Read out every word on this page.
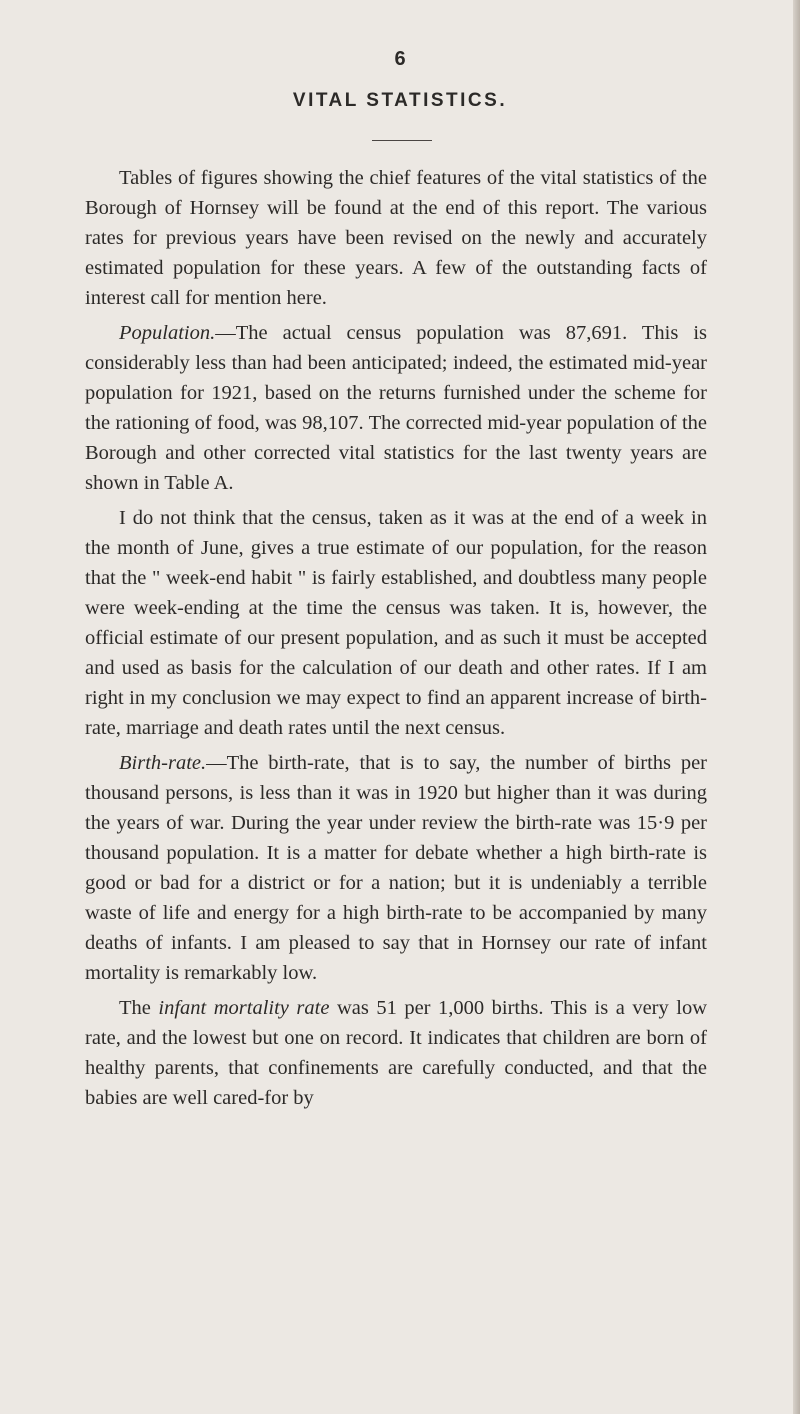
6
VITAL STATISTICS.

Tables of figures showing the chief features of the vital statistics of the Borough of Hornsey will be found at the end of this report. The various rates for previous years have been revised on the newly and accurately estimated population for these years. A few of the outstanding facts of interest call for mention here.

Population.—The actual census population was 87,691. This is considerably less than had been anticipated; indeed, the estimated mid-year population for 1921, based on the returns furnished under the scheme for the rationing of food, was 98,107. The corrected mid-year population of the Borough and other corrected vital statistics for the last twenty years are shown in Table A.

I do not think that the census, taken as it was at the end of a week in the month of June, gives a true estimate of our population, for the reason that the " week-end habit " is fairly established, and doubtless many people were week-ending at the time the census was taken. It is, however, the official estimate of our present population, and as such it must be accepted and used as basis for the calculation of our death and other rates. If I am right in my conclusion we may expect to find an apparent increase of birth-rate, marriage and death rates until the next census.

Birth-rate.—The birth-rate, that is to say, the number of births per thousand persons, is less than it was in 1920 but higher than it was during the years of war. During the year under review the birth-rate was 15·9 per thousand population. It is a matter for debate whether a high birth-rate is good or bad for a district or for a nation; but it is undeniably a terrible waste of life and energy for a high birth-rate to be accompanied by many deaths of infants. I am pleased to say that in Hornsey our rate of infant mortality is remarkably low.

The infant mortality rate was 51 per 1,000 births. This is a very low rate, and the lowest but one on record. It indicates that children are born of healthy parents, that confinements are carefully conducted, and that the babies are well cared-for by
